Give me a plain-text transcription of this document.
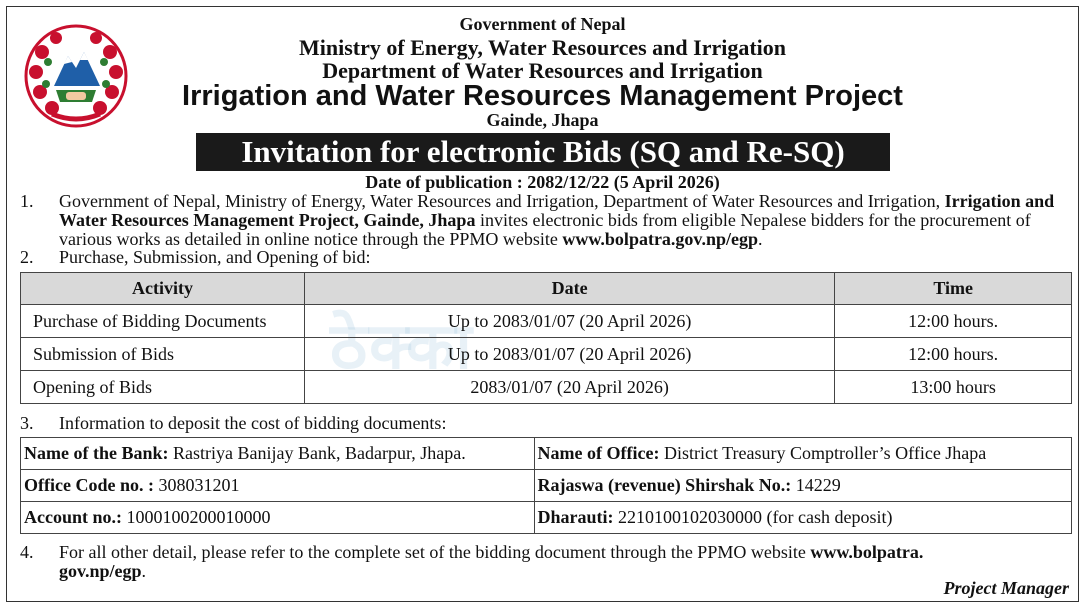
Government of Nepal
Ministry of Energy, Water Resources and Irrigation
Department of Water Resources and Irrigation
Irrigation and Water Resources Management Project
Gainde, Jhapa
Invitation for electronic Bids (SQ and Re-SQ)
Date of publication : 2082/12/22 (5 April 2026)
1. Government of Nepal, Ministry of Energy, Water Resources and Irrigation, Department of Water Resources and Irrigation, Irrigation and Water Resources Management Project, Gainde, Jhapa invites electronic bids from eligible Nepalese bidders for the procurement of various works as detailed in online notice through the PPMO website www.bolpatra.gov.np/egp.
2. Purchase, Submission, and Opening of bid:
ठेक्का
Activity	Date	Time
Purchase of Bidding Documents	Up to 2083/01/07 (20 April 2026)	12:00 hours.
Submission of Bids	Up to 2083/01/07 (20 April 2026)	12:00 hours.
Opening of Bids	2083/01/07 (20 April 2026)	13:00 hours
3. Information to deposit the cost of bidding documents:
Name of the Bank: Rastriya Banijay Bank, Badarpur, Jhapa.	Name of Office: District Treasury Comptroller’s Office Jhapa
Office Code no. : 308031201	Rajaswa (revenue) Shirshak No.: 14229
Account no.: 1000100200010000	Dharauti: 2210100102030000 (for cash deposit)
4. For all other detail, please refer to the complete set of the bidding document through the PPMO website www.bolpatra.
gov.np/egp.
Project Manager
